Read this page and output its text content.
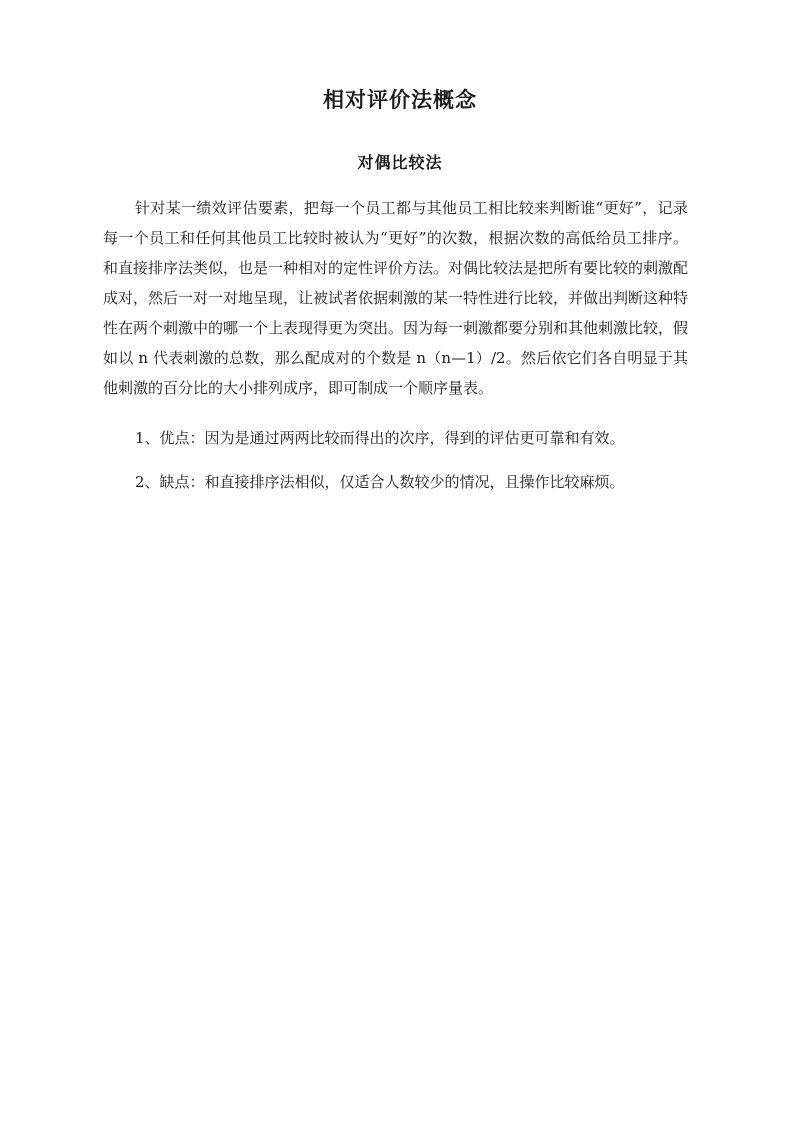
相对评价法概念
对偶比较法

针对某一绩效评估要素，把每一个员工都与其他员工相比较来判断谁“更好”，记录每一个员工和任何其他员工比较时被认为“更好”的次数，根据次数的高低给员工排序。和直接排序法类似，也是一种相对的定性评价方法。对偶比较法是把所有要比较的刺激配成对，然后一对一对地呈现，让被试者依据刺激的某一特性进行比较，并做出判断这种特性在两个刺激中的哪一个上表现得更为突出。因为每一刺激都要分别和其他刺激比较，假如以 n 代表刺激的总数，那么配成对的个数是 n（n—1）/2。然后依它们各自明显于其他刺激的百分比的大小排列成序，即可制成一个顺序量表。

1、优点：因为是通过两两比较而得出的次序，得到的评估更可靠和有效。

2、缺点：和直接排序法相似，仅适合人数较少的情况，且操作比较麻烦。
